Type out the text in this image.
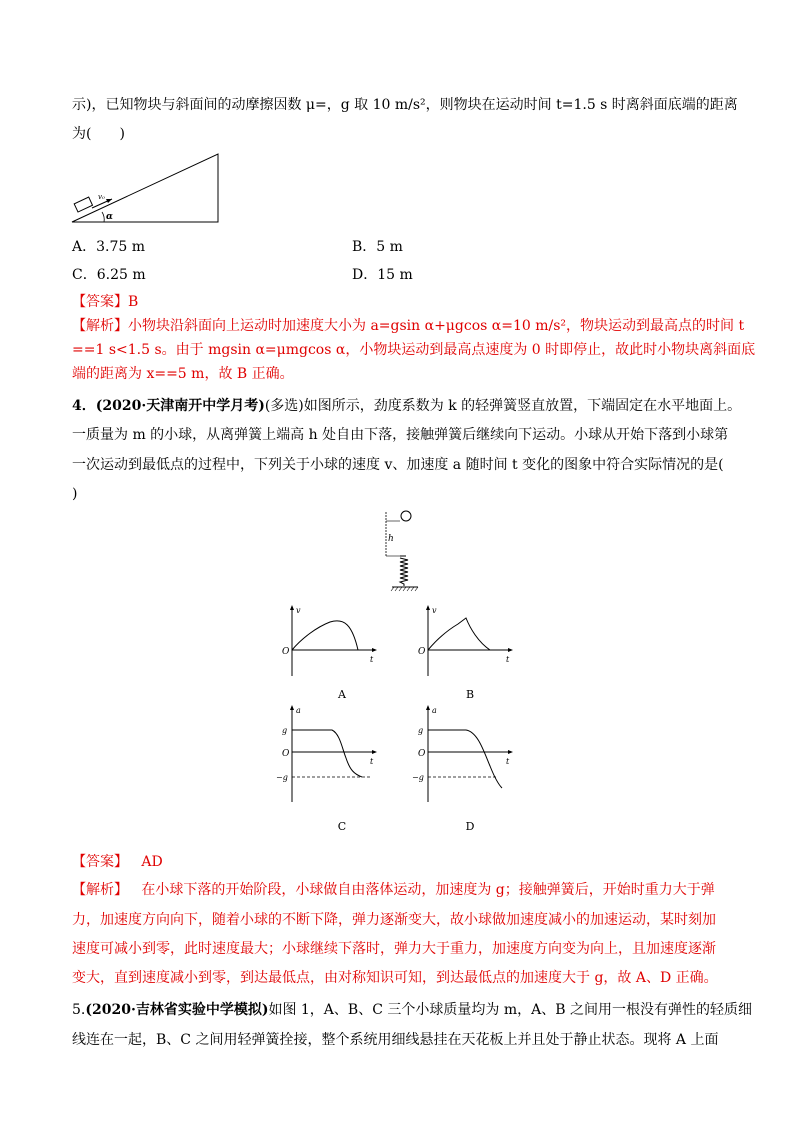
示)，已知物块与斜面间的动摩擦因数 μ=，g 取 10 m/s²，则物块在运动时间 t=1.5 s 时离斜面底端的距离
为(　　)
v₀
α
A．3.75 m	B．5 m
C．6.25 m	D．15 m
【答案】B
【解析】小物块沿斜面向上运动时加速度大小为 a=gsin α+μgcos α=10 m/s²，物块运动到最高点的时间 t
==1 s<1.5 s。由于 mgsin α=μmgcos α，小物块运动到最高点速度为 0 时即停止，故此时小物块离斜面底
端的距离为 x==5 m，故 B 正确。
4．(2020·天津南开中学月考)(多选)如图所示，劲度系数为 k 的轻弹簧竖直放置，下端固定在水平地面上。
一质量为 m 的小球，从离弹簧上端高 h 处自由下落，接触弹簧后继续向下运动。小球从开始下落到小球第
一次运动到最低点的过程中，下列关于小球的速度 v、加速度 a 随时间 t 变化的图象中符合实际情况的是(
)
h
v
t
O
A
v
t
O
B
a
t
O
g
−g
C
a
t
O
g
−g
D
【答案】 AD
【解析】 在小球下落的开始阶段，小球做自由落体运动，加速度为 g；接触弹簧后，开始时重力大于弹
力，加速度方向向下，随着小球的不断下降，弹力逐渐变大，故小球做加速度减小的加速运动，某时刻加
速度可减小到零，此时速度最大；小球继续下落时，弹力大于重力，加速度方向变为向上，且加速度逐渐
变大，直到速度减小到零，到达最低点，由对称知识可知，到达最低点的加速度大于 g，故 A、D 正确。
5.(2020·吉林省实验中学模拟)如图 1，A、B、C 三个小球质量均为 m，A、B 之间用一根没有弹性的轻质细
线连在一起，B、C 之间用轻弹簧拴接，整个系统用细线悬挂在天花板上并且处于静止状态。现将 A 上面
